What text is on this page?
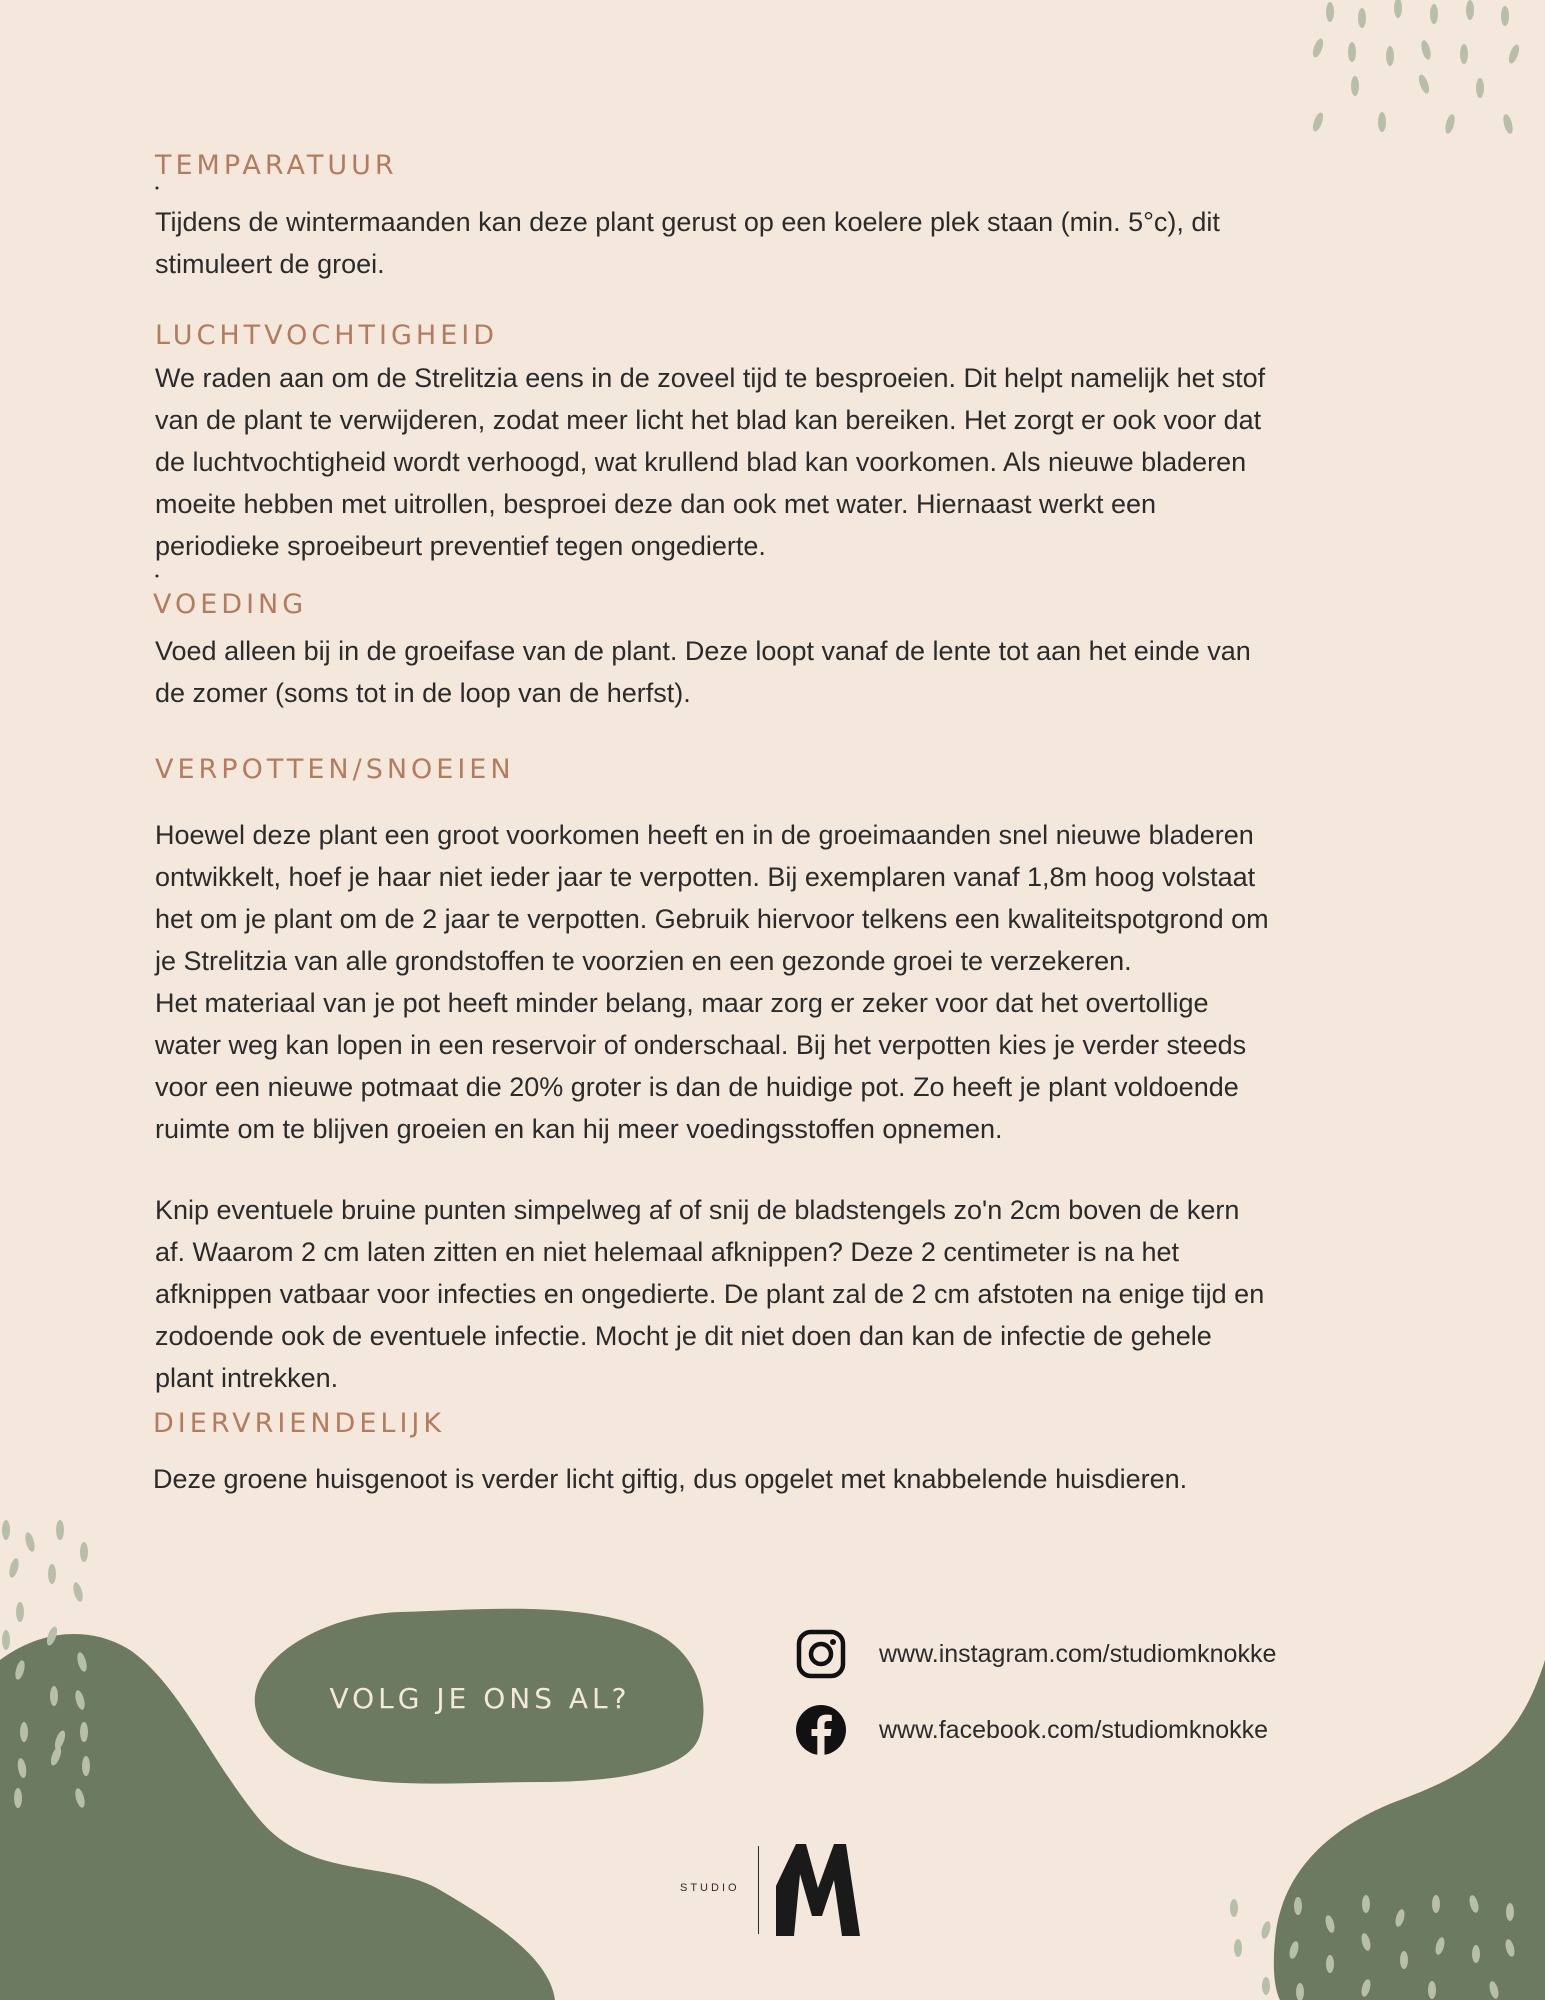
TEMPARATUUR

Tijdens de wintermaanden kan deze plant gerust op een koelere plek staan (min. 5°c), dit
stimuleert de groei.

LUCHTVOCHTIGHEID

We raden aan om de Strelitzia eens in de zoveel tijd te besproeien. Dit helpt namelijk het stof
van de plant te verwijderen, zodat meer licht het blad kan bereiken. Het zorgt er ook voor dat
de luchtvochtigheid wordt verhoogd, wat krullend blad kan voorkomen. Als nieuwe bladeren
moeite hebben met uitrollen, besproei deze dan ook met water. Hiernaast werkt een
periodieke sproeibeurt preventief tegen ongedierte.

VOEDING

Voed alleen bij in de groeifase van de plant. Deze loopt vanaf de lente tot aan het einde van
de zomer (soms tot in de loop van de herfst).

VERPOTTEN/SNOEIEN

Hoewel deze plant een groot voorkomen heeft en in de groeimaanden snel nieuwe bladeren
ontwikkelt, hoef je haar niet ieder jaar te verpotten. Bij exemplaren vanaf 1,8m hoog volstaat
het om je plant om de 2 jaar te verpotten. Gebruik hiervoor telkens een kwaliteitspotgrond om
je Strelitzia van alle grondstoffen te voorzien en een gezonde groei te verzekeren.
Het materiaal van je pot heeft minder belang, maar zorg er zeker voor dat het overtollige
water weg kan lopen in een reservoir of onderschaal. Bij het verpotten kies je verder steeds
voor een nieuwe potmaat die 20% groter is dan de huidige pot. Zo heeft je plant voldoende
ruimte om te blijven groeien en kan hij meer voedingsstoffen opnemen.

Knip eventuele bruine punten simpelweg af of snij de bladstengels zo'n 2cm boven de kern
af. Waarom 2 cm laten zitten en niet helemaal afknippen? Deze 2 centimeter is na het
afknippen vatbaar voor infecties en ongedierte. De plant zal de 2 cm afstoten na enige tijd en
zodoende ook de eventuele infectie. Mocht je dit niet doen dan kan de infectie de gehele
plant intrekken.

DIERVRIENDELIJK

Deze groene huisgenoot is verder licht giftig, dus opgelet met knabbelende huisdieren.

VOLG JE ONS AL?
www.instagram.com/studiomknokke
www.facebook.com/studiomknokke
STUDIO
